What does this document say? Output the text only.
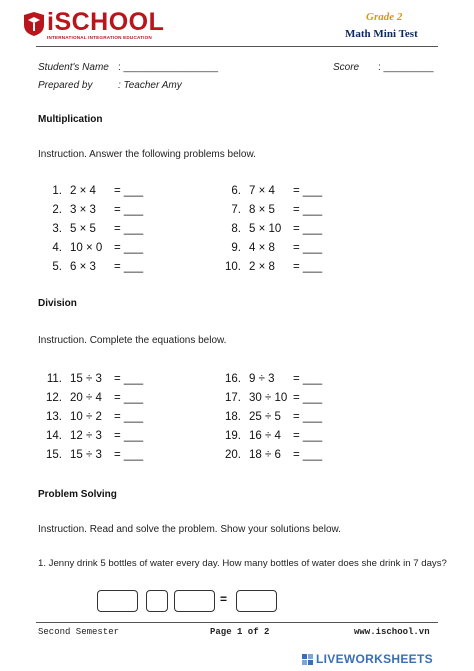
iSCHOOL
INTERNATIONAL INTEGRATION EDUCATION
Grade 2
Math Mini Test
Student's Name : _________________	Score : _________
Prepared by	: Teacher Amy
Multiplication
Instruction. Answer the following problems below.
1. 2 × 4 = ___
2. 3 × 3 = ___
3. 5 × 5 = ___
4. 10 × 0 = ___
5. 6 × 3 = ___
6. 7 × 4 = ___
7. 8 × 5 = ___
8. 5 × 10 = ___
9. 4 × 8 = ___
10. 2 × 8 = ___
Division
Instruction. Complete the equations below.
11. 15 ÷ 3 = ___
12. 20 ÷ 4 = ___
13. 10 ÷ 2 = ___
14. 12 ÷ 3 = ___
15. 15 ÷ 3 = ___
16. 9 ÷ 3 = ___
17. 30 ÷ 10 = ___
18. 25 ÷ 5 = ___
19. 16 ÷ 4 = ___
20. 18 ÷ 6 = ___
Problem Solving
Instruction. Read and solve the problem. Show your solutions below.
1. Jenny drink 5 bottles of water every day. How many bottles of water does she drink in 7 days?
=
Second Semester	Page 1 of 2	www.ischool.vn
LIVEWORKSHEETS
